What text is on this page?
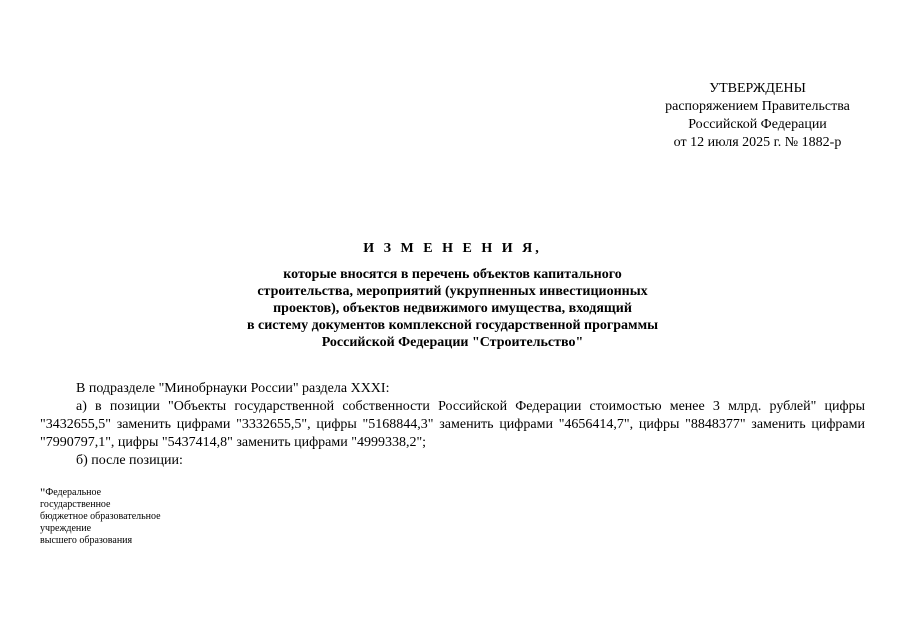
УТВЕРЖДЕНЫ
распоряжением Правительства
Российской Федерации
от 12 июля 2025 г. № 1882-р
И З М Е Н Е Н И Я,
которые вносятся в перечень объектов капитального
строительства, мероприятий (укрупненных инвестиционных
проектов), объектов недвижимого имущества, входящий
в систему документов комплексной государственной программы
Российской Федерации "Строительство"
В подразделе "Минобрнауки России" раздела XXXI:
а) в позиции "Объекты государственной собственности Российской Федерации стоимостью менее 3 млрд. рублей" цифры "3432655,5" заменить цифрами "3332655,5", цифры "5168844,3" заменить цифрами "4656414,7", цифры "8848377" заменить цифрами "7990797,1", цифры "5437414,8" заменить цифрами "4999338,2";
б) после позиции:
"Федеральное
государственное
бюджетное образовательное
учреждение
высшего образования
